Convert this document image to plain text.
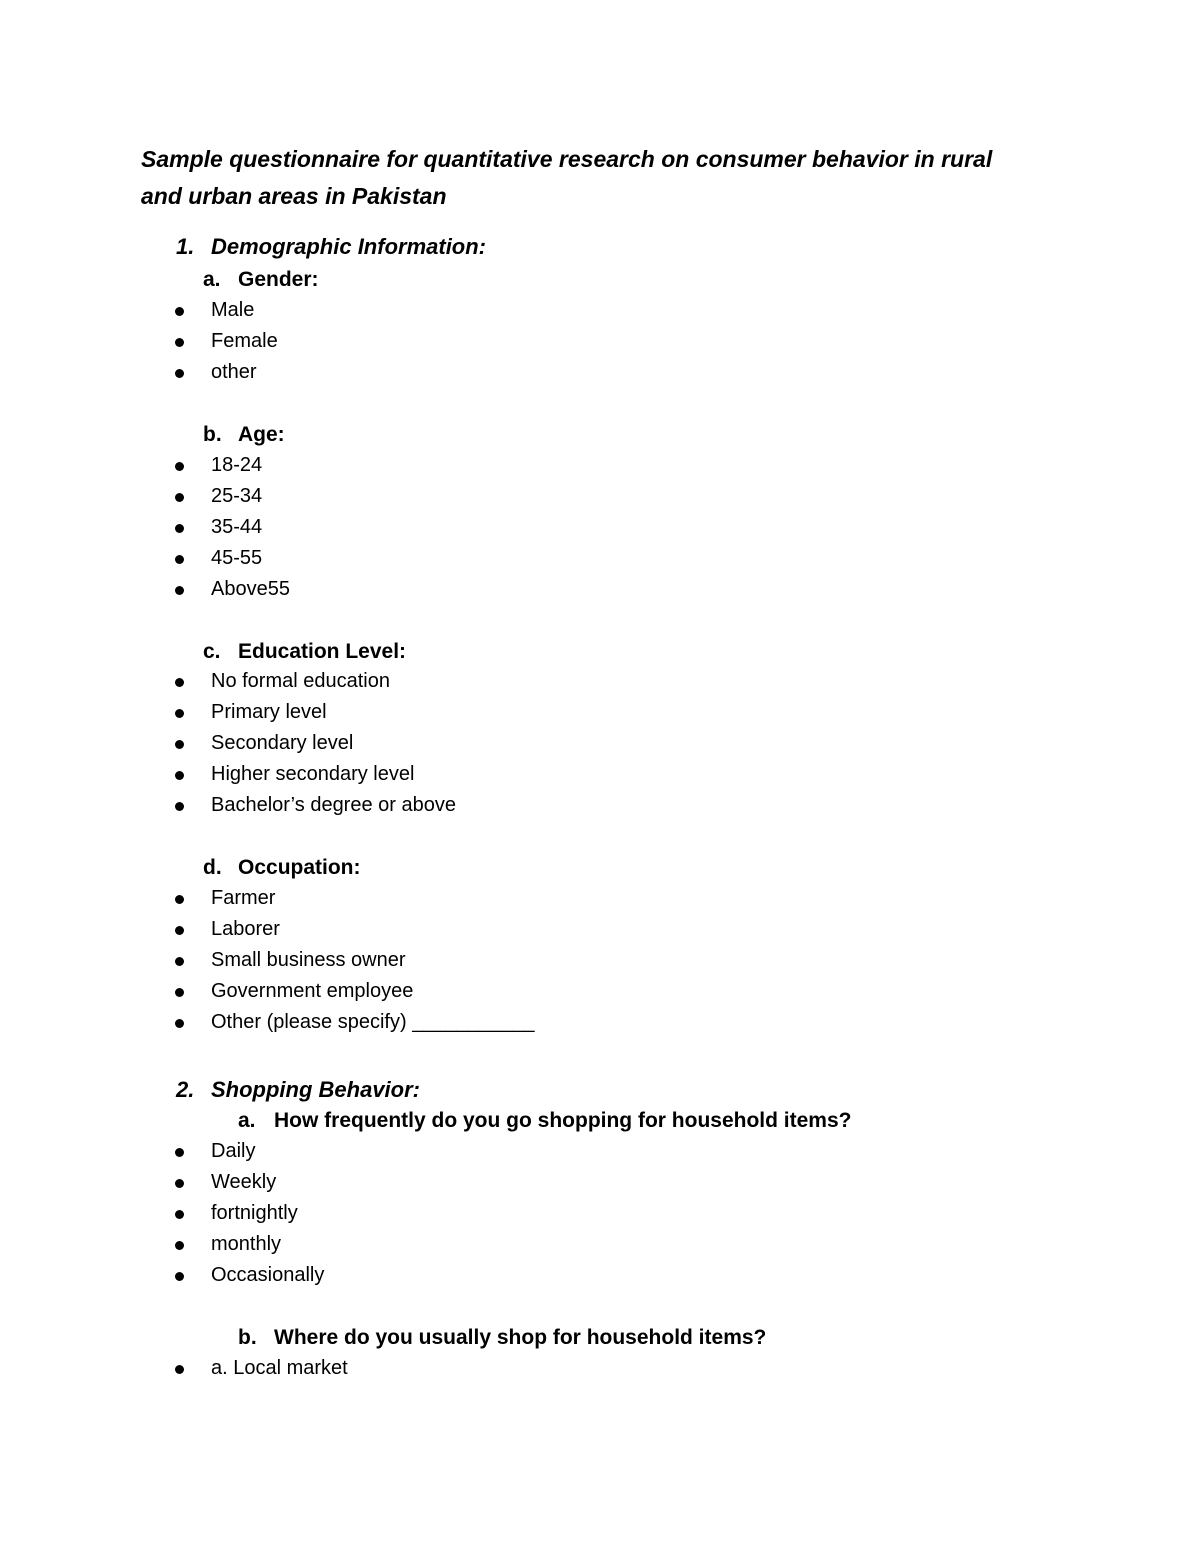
Sample questionnaire for quantitative research on consumer behavior in rural
and urban areas in Pakistan
1. Demographic Information:
a. Gender:
Male
Female
other
b. Age:
18-24
25-34
35-44
45-55
Above55
c. Education Level:
No formal education
Primary level
Secondary level
Higher secondary level
Bachelor’s degree or above
d. Occupation:
Farmer
Laborer
Small business owner
Government employee
Other (please specify) ___________
2. Shopping Behavior:
a. How frequently do you go shopping for household items?
Daily
Weekly
fortnightly
monthly
Occasionally
b. Where do you usually shop for household items?
a. Local market
